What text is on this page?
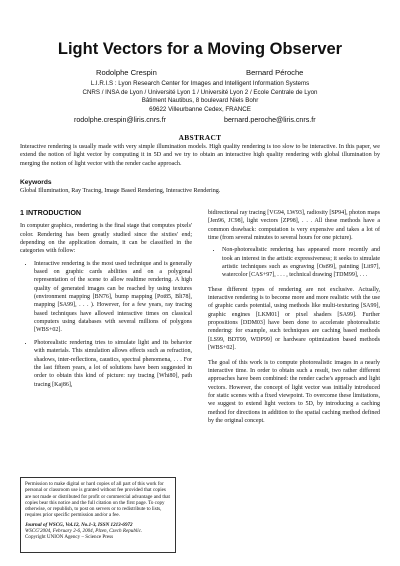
Light Vectors for a Moving Observer
Rodolphe Crespin	Bernard Péroche
L.I.R.I.S : Lyon Research Center for Images and Intelligent Information Systems
CNRS / INSA de Lyon / Université Lyon 1 / Université Lyon 2 / Ecole Centrale de Lyon
Bâtiment Nautibus, 8 boulevard Niels Bohr
69622 Villeurbanne Cedex, FRANCE
rodolphe.crespin@liris.cnrs.fr	bernard.peroche@liris.cnrs.fr
ABSTRACT
Interactive rendering is usually made with very simple illumination models. High quality rendering is too slow to be interactive. In this paper, we extend the notion of light vector by computing it in 5D and we try to obtain an interactive high quality rendering with global illumination by merging the notion of light vector with the render cache approach.
Keywords
Global Illumination, Ray Tracing, Image Based Rendering, Interactive Rendering.

1 INTRODUCTION

In computer graphics, rendering is the final stage that computes pixels' color. Rendering has been greatly studied since the sixties' end; depending on the application domain, it can be classified in the categories with follow:

• Interactive rendering is the most used technique and is generally based on graphic cards abilities and on a polygonal representation of the scene to allow realtime rendering. A high quality of generated images can be reached by using textures (environment mapping [BN76], bump mapping [Pot85, Bli78], mapping [SA99], . . . ). However, for a few years, ray tracing based techniques have allowed interactive times on classical computers using databases with several millions of polygons [WBS+02].
• Photorealistic rendering tries to simulate light and its behavior with materials. This simulation allows effects such as refraction, shadows, inter-reflections, caustics, spectral phenomena, . . . For the last fifteen years, a lot of solutions have been suggested in order to obtain this kind of picture: ray tracing [Whi80], path tracing [Kaj86],

Permission to make digital or hard copies of all part of this work for personal or classroom use is granted without fee provided that copies are not made or distributed for profit or commercial advantage and that copies bear this notice and the full citation on the first page. To copy otherwise, or republish, to post on servers or to redistribute to lists, requires prior specific permission and/or a fee.

Journal of WSCG, Vol.12, No.1-3, ISSN 1213-6972

WSCG'2004, February 2-6, 2004, Plzen, Czech Republic.

Copyright UNION Agency – Science Press

bidirectional ray tracing [VG94, LW93], radiosity [SP94], photon maps [Jen96, JC98], light vectors [ZP98], . . . All these methods have a common drawback: computation is very expensive and takes a lot of time (from several minutes to several hours for one picture).

• Non-photorealistic rendering has appeared more recently and took an interest in the artistic expressiveness; it seeks to simulate artistic techniques such as engraving [Ost99], painting [Lit97], watercolor [CAS+97], . . . , technical drawing [TDM99], . . .

These different types of rendering are not exclusive. Actually, interactive rendering is to become more and more realistic with the use of graphic cards potential, using methods like multi-texturing [SA99], graphic engines [LKM01] or pixel shaders [SA99]. Further propositions [DDM03] have been done to accelerate photorealistic rendering: for example, such techniques are caching based methods [LS99, BDT99, WDP99] or hardware optimization based methods [WBS+02].

The goal of this work is to compute photorealistic images in a nearly interactive time. In order to obtain such a result, two rather different approaches have been combined: the render cache's approach and light vectors. However, the concept of light vector was initially introduced for static scenes with a fixed viewpoint. To overcome these limitations, we suggest to extend light vectors to 5D, by introducing a caching method for directions in addition to the spatial caching method defined by the original concept.
